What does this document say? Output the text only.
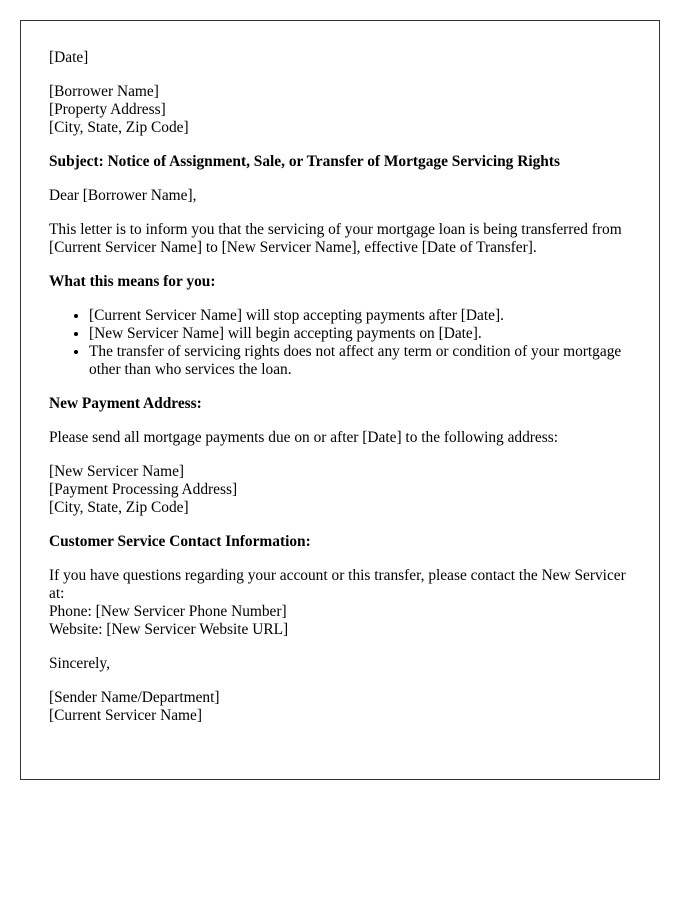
[Date]

[Borrower Name]
[Property Address]
[City, State, Zip Code]

Subject: Notice of Assignment, Sale, or Transfer of Mortgage Servicing Rights

Dear [Borrower Name],

This letter is to inform you that the servicing of your mortgage loan is being transferred from [Current Servicer Name] to [New Servicer Name], effective [Date of Transfer].

What this means for you:

• [Current Servicer Name] will stop accepting payments after [Date].
• [New Servicer Name] will begin accepting payments on [Date].
• The transfer of servicing rights does not affect any term or condition of your mortgage other than who services the loan.

New Payment Address:

Please send all mortgage payments due on or after [Date] to the following address:

[New Servicer Name]
[Payment Processing Address]
[City, State, Zip Code]

Customer Service Contact Information:

If you have questions regarding your account or this transfer, please contact the New Servicer at:
Phone: [New Servicer Phone Number]
Website: [New Servicer Website URL]

Sincerely,

[Sender Name/Department]
[Current Servicer Name]
